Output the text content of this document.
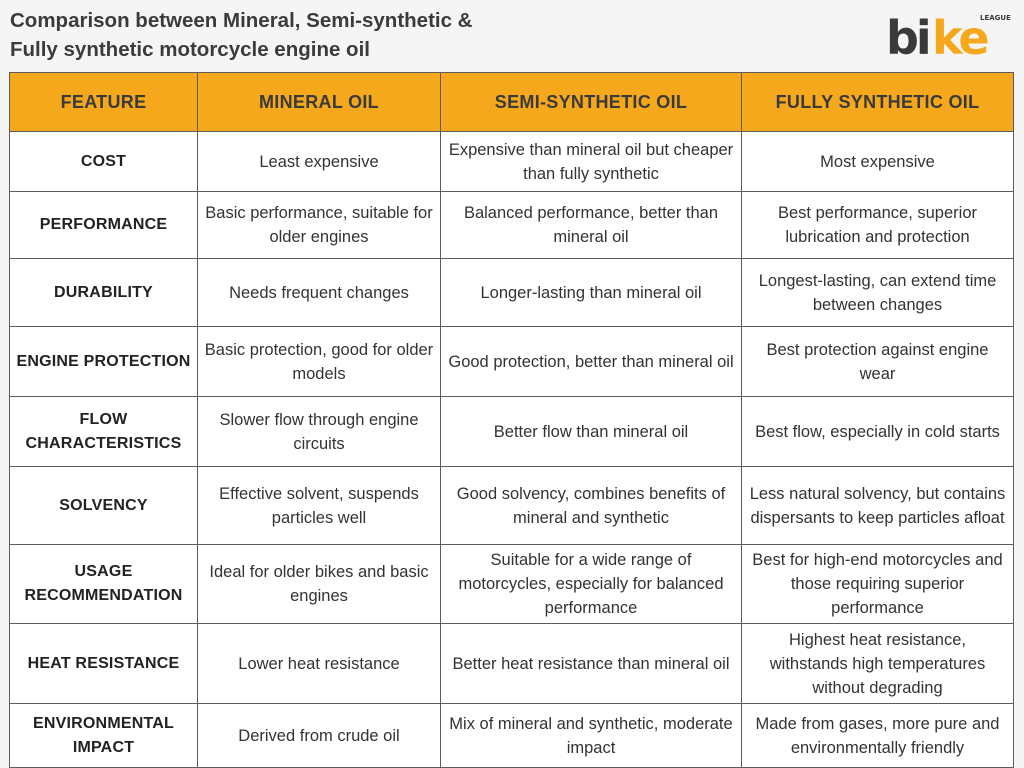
Comparison between Mineral, Semi-synthetic &
Fully synthetic motorcycle engine oil	bi ke
LEAGUE
FEATURE	MINERAL OIL	SEMI-SYNTHETIC OIL	FULLY SYNTHETIC OIL
COST	Least expensive	Expensive than mineral oil but cheaper than fully synthetic	Most expensive
PERFORMANCE	Basic performance, suitable for older engines	Balanced performance, better than mineral oil	Best performance, superior lubrication and protection
DURABILITY	Needs frequent changes	Longer-lasting than mineral oil	Longest-lasting, can extend time between changes
ENGINE PROTECTION	Basic protection, good for older models	Good protection, better than mineral oil	Best protection against engine wear
FLOW CHARACTERISTICS	Slower flow through engine circuits	Better flow than mineral oil	Best flow, especially in cold starts
SOLVENCY	Effective solvent, suspends particles well	Good solvency, combines benefits of mineral and synthetic	Less natural solvency, but contains dispersants to keep particles afloat
USAGE RECOMMENDATION	Ideal for older bikes and basic engines	Suitable for a wide range of motorcycles, especially for balanced performance	Best for high-end motorcycles and those requiring superior performance
HEAT RESISTANCE	Lower heat resistance	Better heat resistance than mineral oil	Highest heat resistance, withstands high temperatures without degrading
ENVIRONMENTAL IMPACT	Derived from crude oil	Mix of mineral and synthetic, moderate impact	Made from gases, more pure and environmentally friendly
